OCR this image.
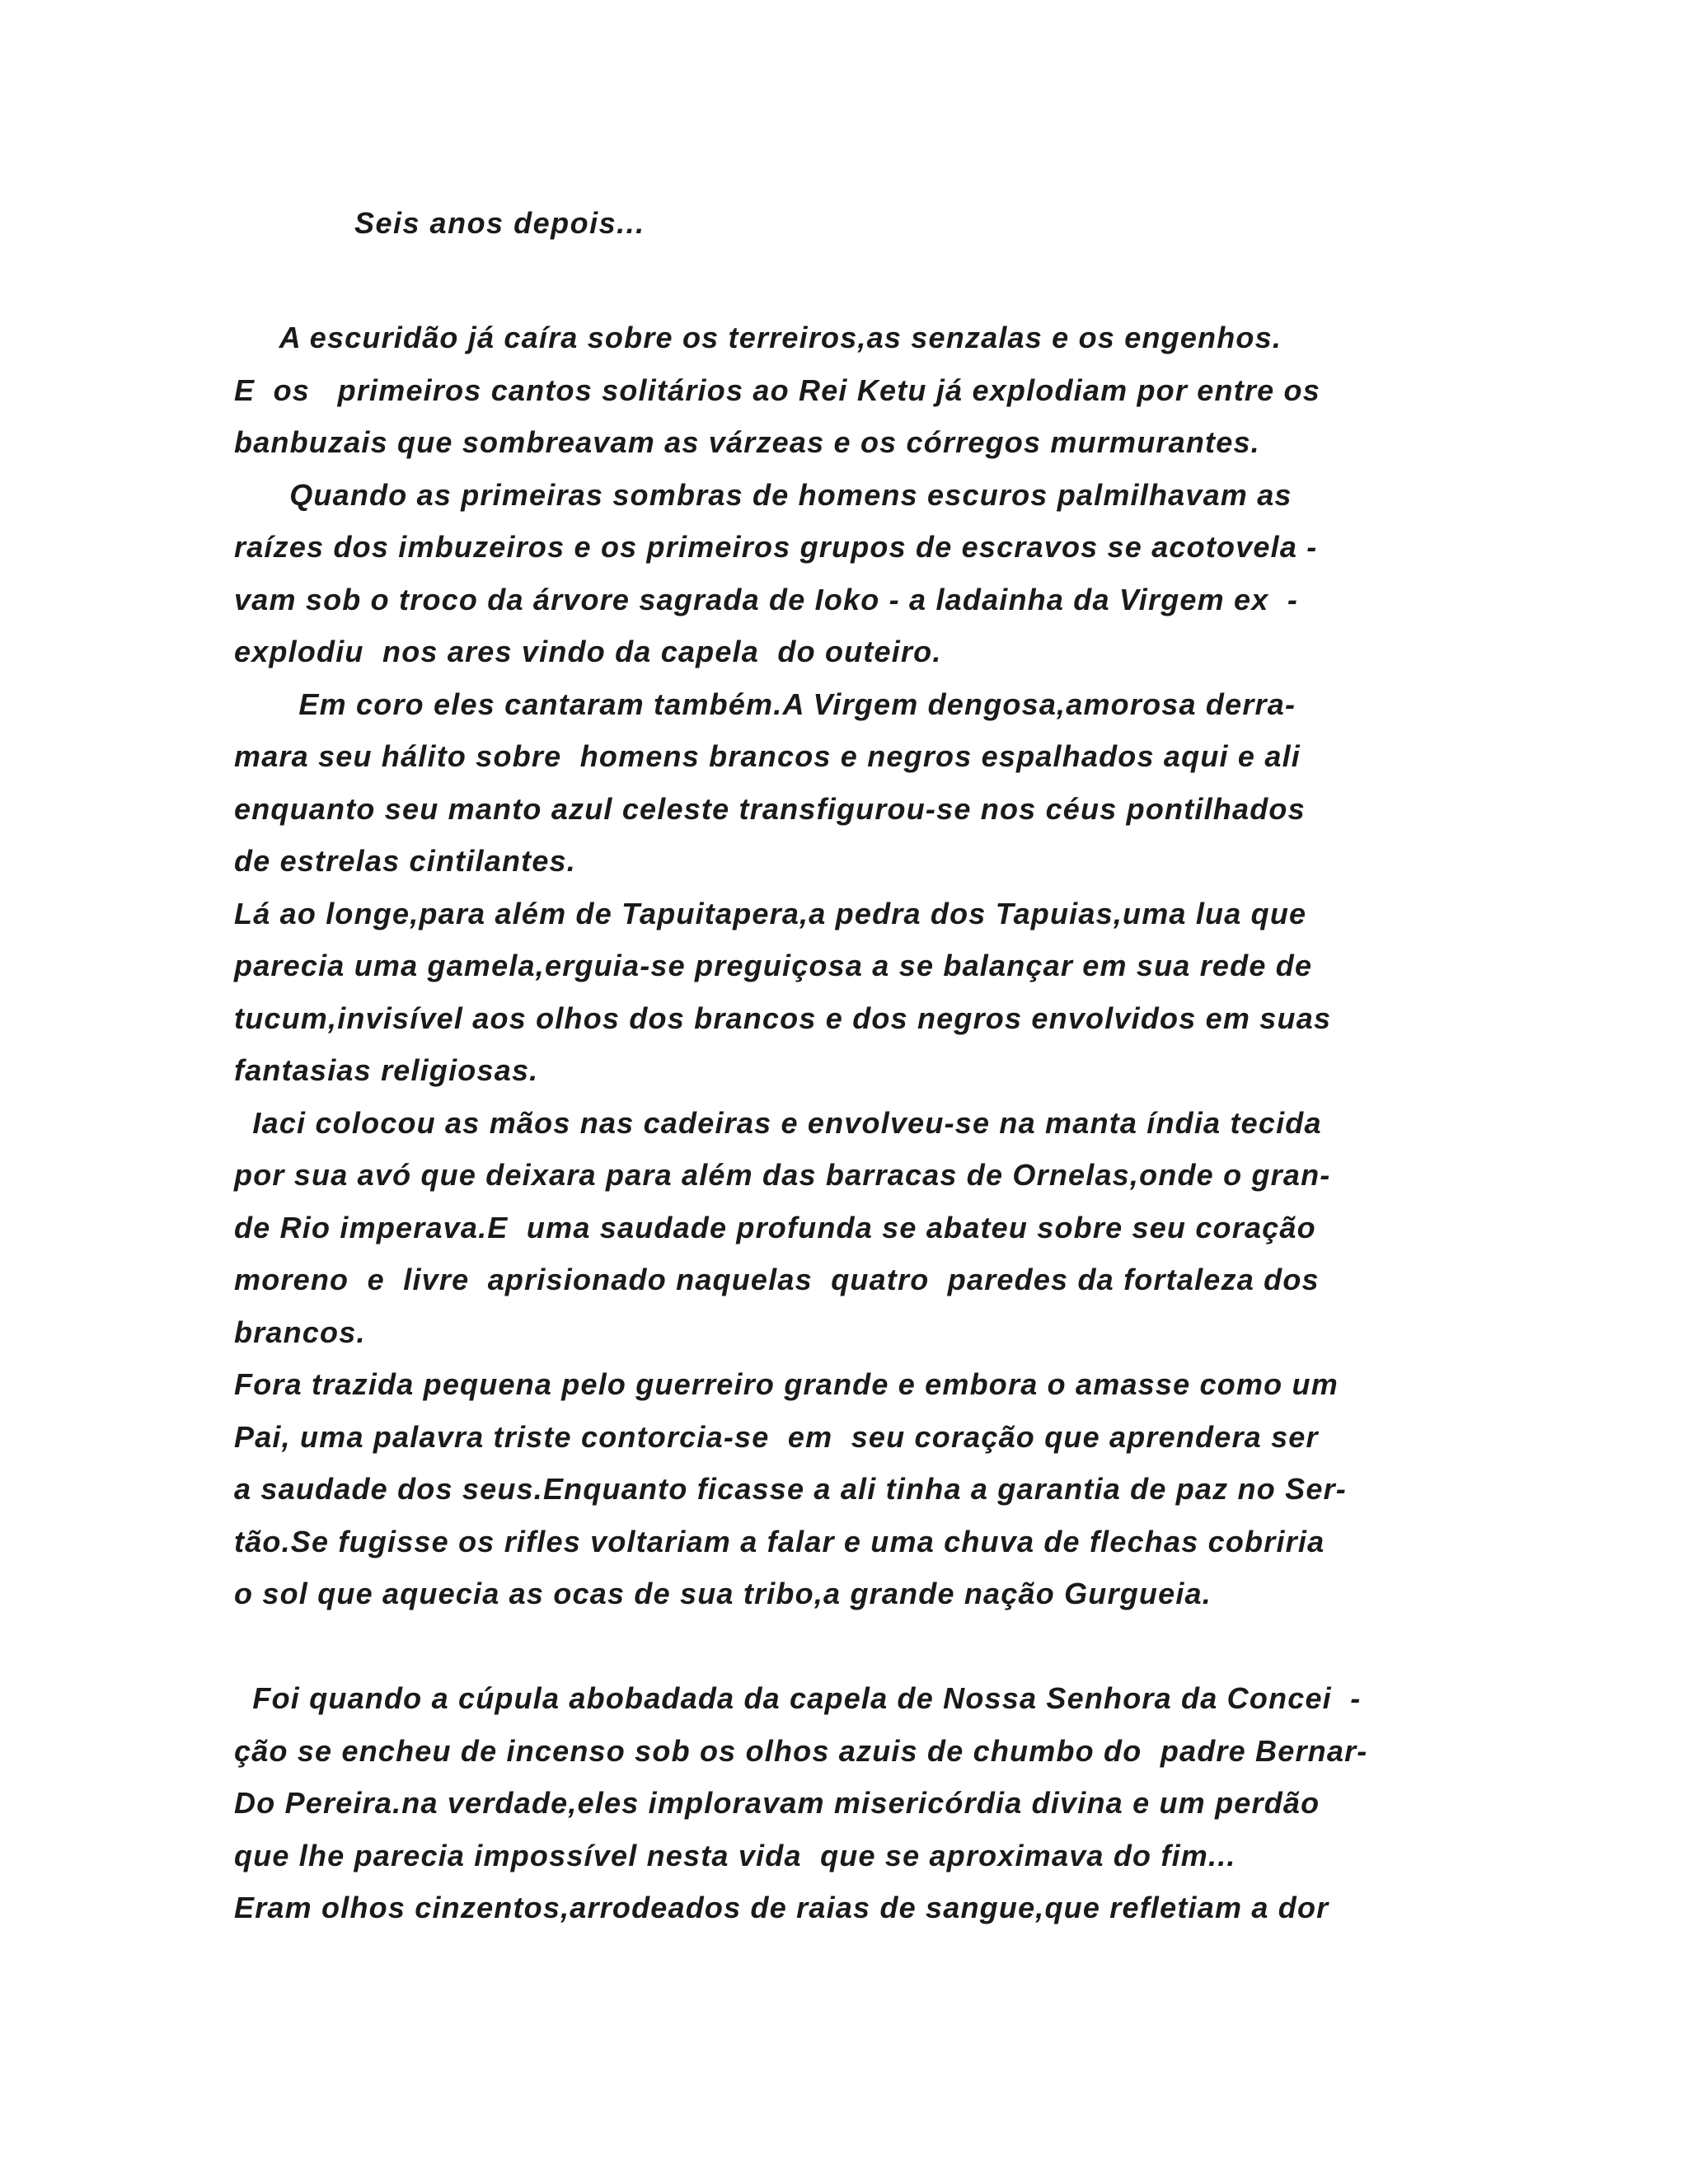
Seis anos depois...
A escuridão já caíra sobre os terreiros,as senzalas e os engenhos.
E  os   primeiros cantos solitários ao Rei Ketu já explodiam por entre os
banbuzais que sombreavam as várzeas e os córregos murmurantes.
Quando as primeiras sombras de homens escuros palmilhavam as
raízes dos imbuzeiros e os primeiros grupos de escravos se acotovela -
vam sob o troco da árvore sagrada de Ioko - a ladainha da Virgem ex  -
explodiu  nos ares vindo da capela  do outeiro.
Em coro eles cantaram também.A Virgem dengosa,amorosa derra-
mara seu hálito sobre  homens brancos e negros espalhados aqui e ali
enquanto seu manto azul celeste transfigurou-se nos céus pontilhados
de estrelas cintilantes.
Lá ao longe,para além de Tapuitapera,a pedra dos Tapuias,uma lua que
parecia uma gamela,erguia-se preguiçosa a se balançar em sua rede de
tucum,invisível aos olhos dos brancos e dos negros envolvidos em suas
fantasias religiosas.
Iaci colocou as mãos nas cadeiras e envolveu-se na manta índia tecida
por sua avó que deixara para além das barracas de Ornelas,onde o gran-
de Rio imperava.E  uma saudade profunda se abateu sobre seu coração
moreno  e  livre  aprisionado naquelas  quatro  paredes da fortaleza dos
brancos.
Fora trazida pequena pelo guerreiro grande e embora o amasse como um
Pai, uma palavra triste contorcia-se  em  seu coração que aprendera ser
a saudade dos seus.Enquanto ficasse a ali tinha a garantia de paz no Ser-
tão.Se fugisse os rifles voltariam a falar e uma chuva de flechas cobriria
o sol que aquecia as ocas de sua tribo,a grande nação Gurgueia.
Foi quando a cúpula abobadada da capela de Nossa Senhora da Concei  -
ção se encheu de incenso sob os olhos azuis de chumbo do  padre Bernar-
Do Pereira.na verdade,eles imploravam misericórdia divina e um perdão
que lhe parecia impossível nesta vida  que se aproximava do fim...
Eram olhos cinzentos,arrodeados de raias de sangue,que refletiam a dor
